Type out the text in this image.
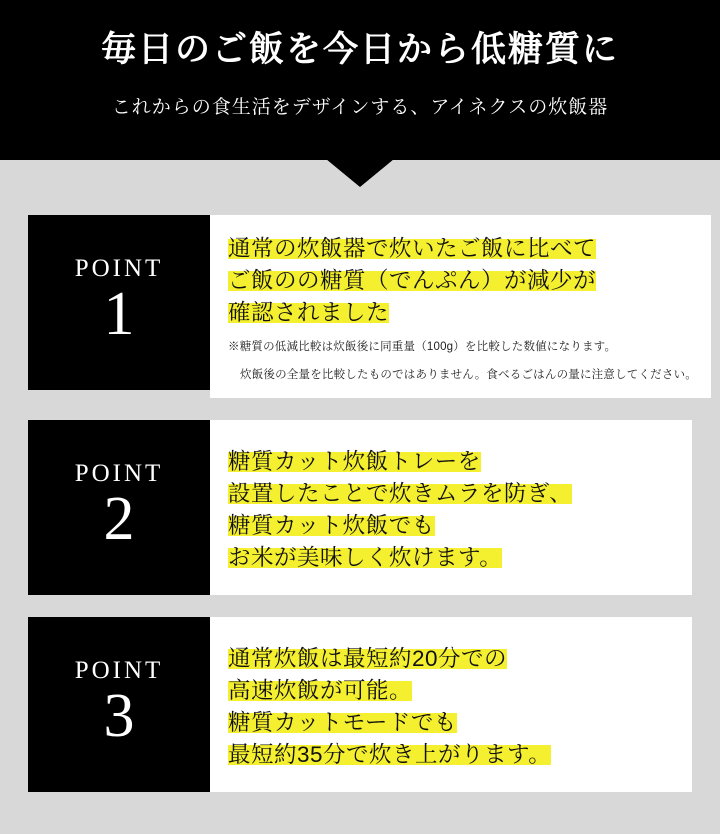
毎日のご飯を今日から低糖質に
これからの食生活をデザインする、アイネクスの炊飯器
POINT
1
通常の炊飯器で炊いたご飯に比べて
ご飯のの糖質（でんぷん）が減少が
確認されました
※糖質の低減比較は炊飯後に同重量（100g）を比較した数値になります。
炊飯後の全量を比較したものではありません。食べるごはんの量に注意してください。
POINT
2
糖質カット炊飯トレーを
設置したことで炊きムラを防ぎ、
糖質カット炊飯でも
お米が美味しく炊けます。
POINT
3
通常炊飯は最短約20分での
高速炊飯が可能。
糖質カットモードでも
最短約35分で炊き上がります。
